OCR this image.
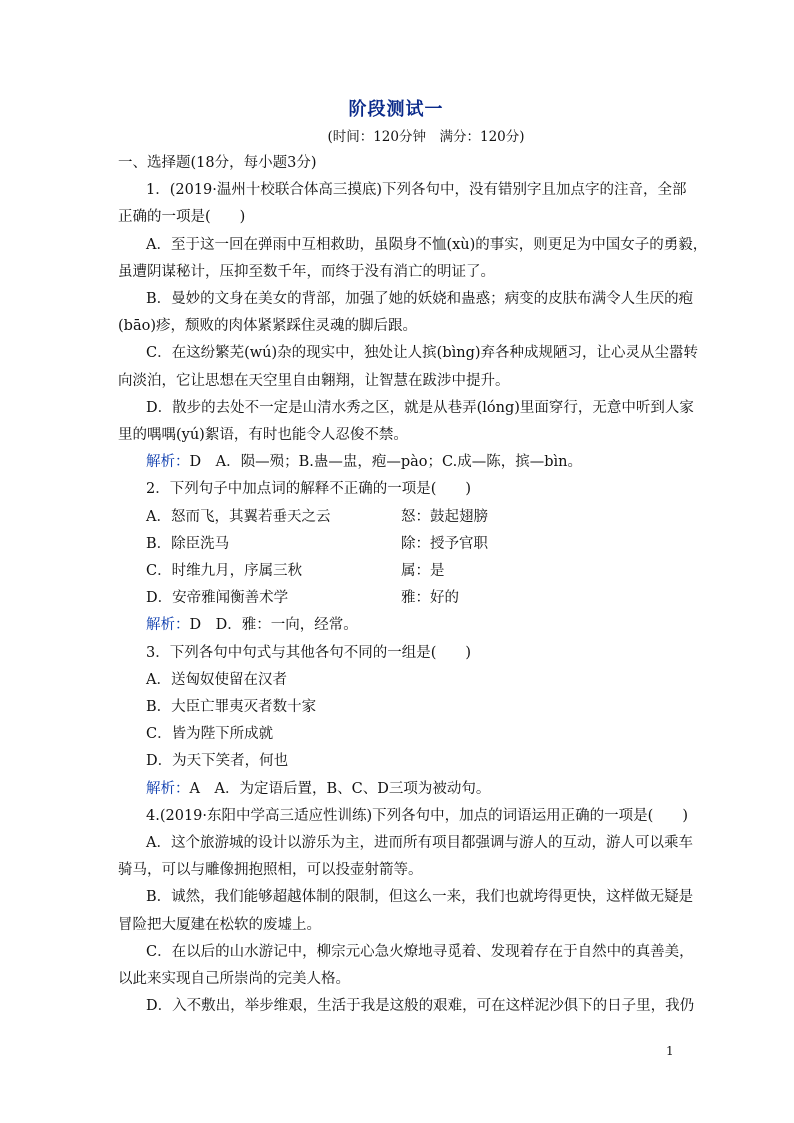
阶段测试一
(时间：120分钟　满分：120分)
一、选择题(18分，每小题3分)
1．(2019·温州十校联合体高三摸底)下列各句中，没有错别字且加点字的注音，全部
正确的一项是(　　)
A．至于这一回在弹雨中互相救助，虽陨身不恤(xù)的事实，则更足为中国女子的勇毅，
虽遭阴谋秘计，压抑至数千年，而终于没有消亡的明证了。
B．曼妙的文身在美女的背部，加强了她的妖娆和蛊惑；病变的皮肤布满令人生厌的疱
(bāo)疹，颓败的肉体紧紧踩住灵魂的脚后跟。
C．在这纷繁芜(wú)杂的现实中，独处让人摈(bìng)弃各种成规陋习，让心灵从尘嚣转
向淡泊，它让思想在天空里自由翱翔，让智慧在跋涉中提升。
D．散步的去处不一定是山清水秀之区，就是从巷弄(lóng)里面穿行，无意中听到人家
里的喁喁(yú)絮语，有时也能令人忍俊不禁。
解析：D　A．陨—殒；B.蛊—盅，疱—pào；C.成—陈，摈—bìn。
2．下列句子中加点词的解释不正确的一项是(　　)
A．怒而飞，其翼若垂天之云	怒：鼓起翅膀
B．除臣洗马	除：授予官职
C．时维九月，序属三秋	属：是
D．安帝雅闻衡善术学	雅：好的
解析：D　D．雅：一向，经常。
3．下列各句中句式与其他各句不同的一组是(　　)
A．送匈奴使留在汉者
B．大臣亡罪夷灭者数十家
C．皆为陛下所成就
D．为天下笑者，何也
解析：A　A．为定语后置，B、C、D三项为被动句。
4.(2019·东阳中学高三适应性训练)下列各句中，加点的词语运用正确的一项是(　　)
A．这个旅游城的设计以游乐为主，进而所有项目都强调与游人的互动，游人可以乘车
骑马，可以与雕像拥抱照相，可以投壶射箭等。
B．诚然，我们能够超越体制的限制，但这么一来，我们也就垮得更快，这样做无疑是
冒险把大厦建在松软的废墟上。
C．在以后的山水游记中，柳宗元心急火燎地寻觅着、发现着存在于自然中的真善美，
以此来实现自己所崇尚的完美人格。
D．入不敷出，举步维艰，生活于我是这般的艰难，可在这样泥沙俱下的日子里，我仍
1
